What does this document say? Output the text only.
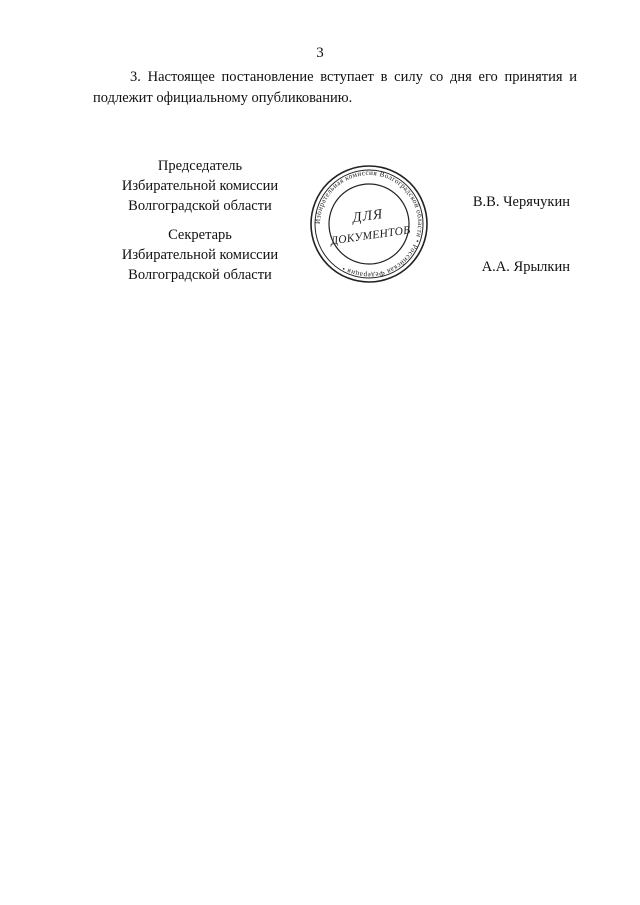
3

3. Настоящее постановление вступает в силу со дня его принятия и подлежит официальному опубликованию.

Председатель
Избирательной комиссии
Волгоградской области
Секретарь
Избирательной комиссии
Волгоградской области
В.В. Черячукин
А.А. Ярылкин
Избирательная комиссия Волгоградской области • Российская Федерация •
ДЛЯ
ДОКУМЕНТОВ
